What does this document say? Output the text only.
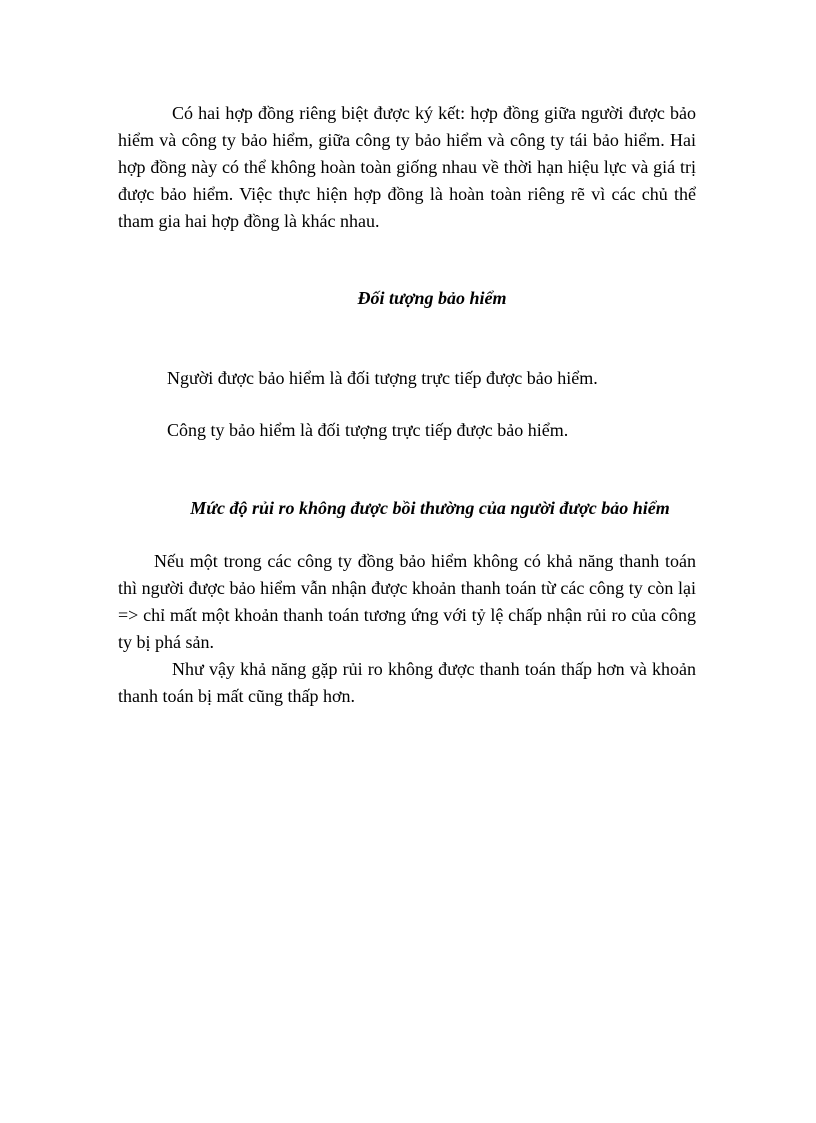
Có hai hợp đồng riêng biệt được ký kết: hợp đồng giữa người được bảo hiểm và công ty bảo hiểm, giữa công ty bảo hiểm và công ty tái bảo hiểm. Hai hợp đồng này có thể không hoàn toàn giống nhau về thời hạn hiệu lực và giá trị được bảo hiểm. Việc thực hiện hợp đồng là hoàn toàn riêng rẽ vì các chủ thể tham gia hai hợp đồng là khác nhau.

Đối tượng bảo hiểm

Người được bảo hiểm là đối tượng trực tiếp được bảo hiểm.

Công ty bảo hiểm là đối tượng trực tiếp được bảo hiểm.

Mức độ rủi ro không được bồi thường của người được bảo hiểm

Nếu một trong các công ty đồng bảo hiểm không có khả năng thanh toán thì người được bảo hiểm vẫn nhận được khoản thanh toán từ các công ty còn lại => chỉ mất một khoản thanh toán tương ứng với tỷ lệ chấp nhận rủi ro của công ty bị phá sản.

Như vậy khả năng gặp rủi ro không được thanh toán thấp hơn và khoản thanh toán bị mất cũng thấp hơn.
